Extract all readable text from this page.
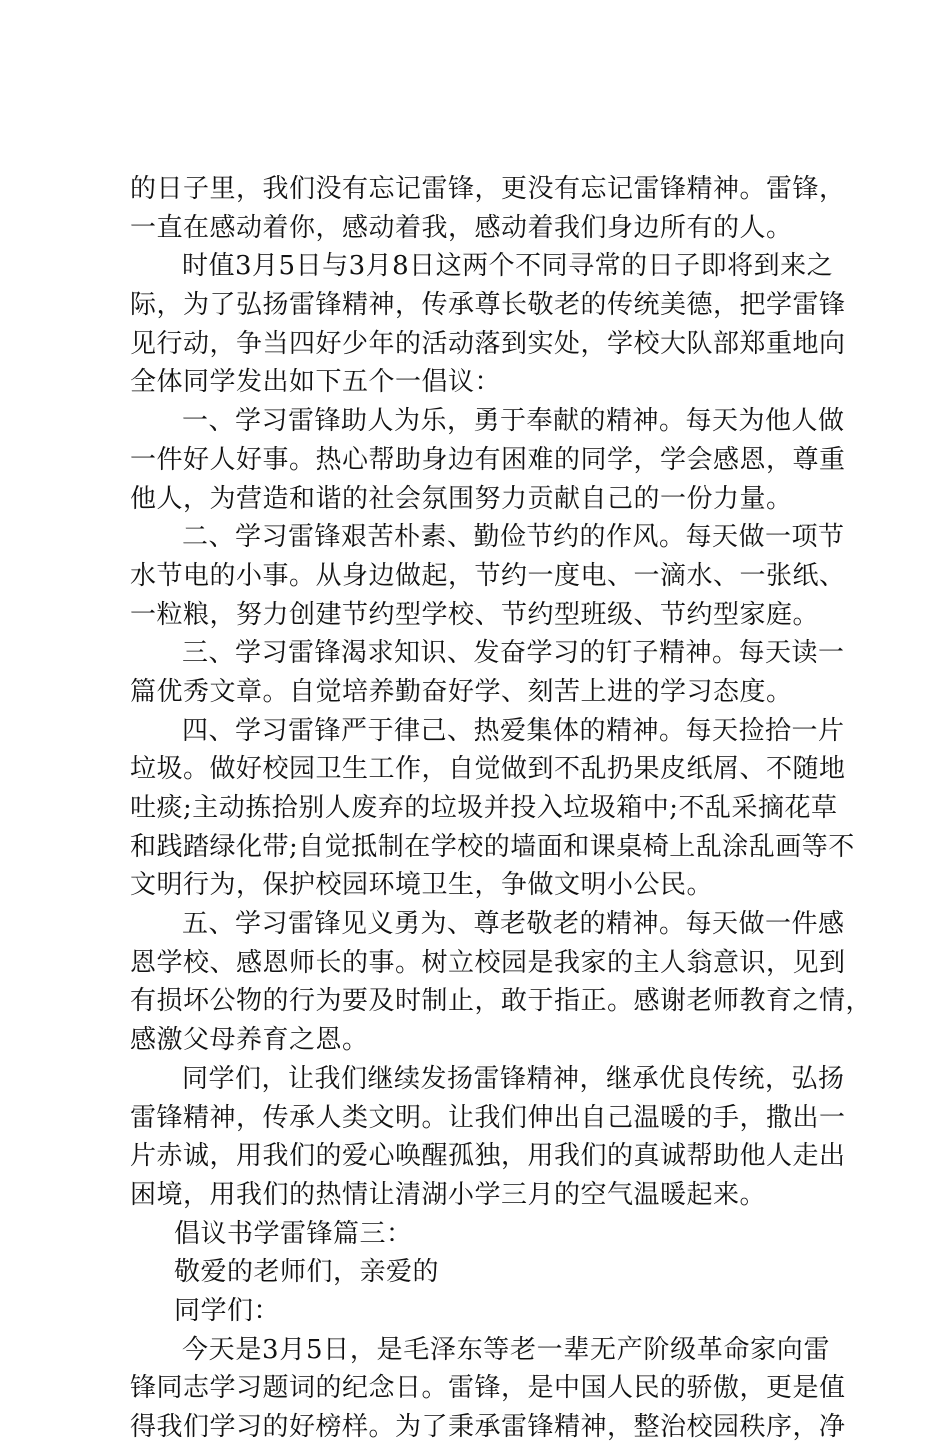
的日子里，我们没有忘记雷锋，更没有忘记雷锋精神。雷锋，
一直在感动着你，感动着我，感动着我们身边所有的人。
时值3月5日与3月8日这两个不同寻常的日子即将到来之
际，为了弘扬雷锋精神，传承尊长敬老的传统美德，把学雷锋
见行动，争当四好少年的活动落到实处，学校大队部郑重地向
全体同学发出如下五个一倡议：
一、学习雷锋助人为乐，勇于奉献的精神。每天为他人做
一件好人好事。热心帮助身边有困难的同学，学会感恩，尊重
他人，为营造和谐的社会氛围努力贡献自己的一份力量。
二、学习雷锋艰苦朴素、勤俭节约的作风。每天做一项节
水节电的小事。从身边做起，节约一度电、一滴水、一张纸、
一粒粮，努力创建节约型学校、节约型班级、节约型家庭。
三、学习雷锋渴求知识、发奋学习的钉子精神。每天读一
篇优秀文章。自觉培养勤奋好学、刻苦上进的学习态度。
四、学习雷锋严于律己、热爱集体的精神。每天捡拾一片
垃圾。做好校园卫生工作，自觉做到不乱扔果皮纸屑、不随地
吐痰;主动拣拾别人废弃的垃圾并投入垃圾箱中;不乱采摘花草
和践踏绿化带;自觉抵制在学校的墙面和课桌椅上乱涂乱画等不
文明行为，保护校园环境卫生，争做文明小公民。
五、学习雷锋见义勇为、尊老敬老的精神。每天做一件感
恩学校、感恩师长的事。树立校园是我家的主人翁意识，见到
有损坏公物的行为要及时制止，敢于指正。感谢老师教育之情，
感激父母养育之恩。
同学们，让我们继续发扬雷锋精神，继承优良传统，弘扬
雷锋精神，传承人类文明。让我们伸出自己温暖的手，撒出一
片赤诚，用我们的爱心唤醒孤独，用我们的真诚帮助他人走出
困境，用我们的热情让清湖小学三月的空气温暖起来。
倡议书学雷锋篇三：
敬爱的老师们，亲爱的
同学们：
今天是3月5日，是毛泽东等老一辈无产阶级革命家向雷
锋同志学习题词的纪念日。雷锋，是中国人民的骄傲，更是值
得我们学习的好榜样。为了秉承雷锋精神，整治校园秩序，净
